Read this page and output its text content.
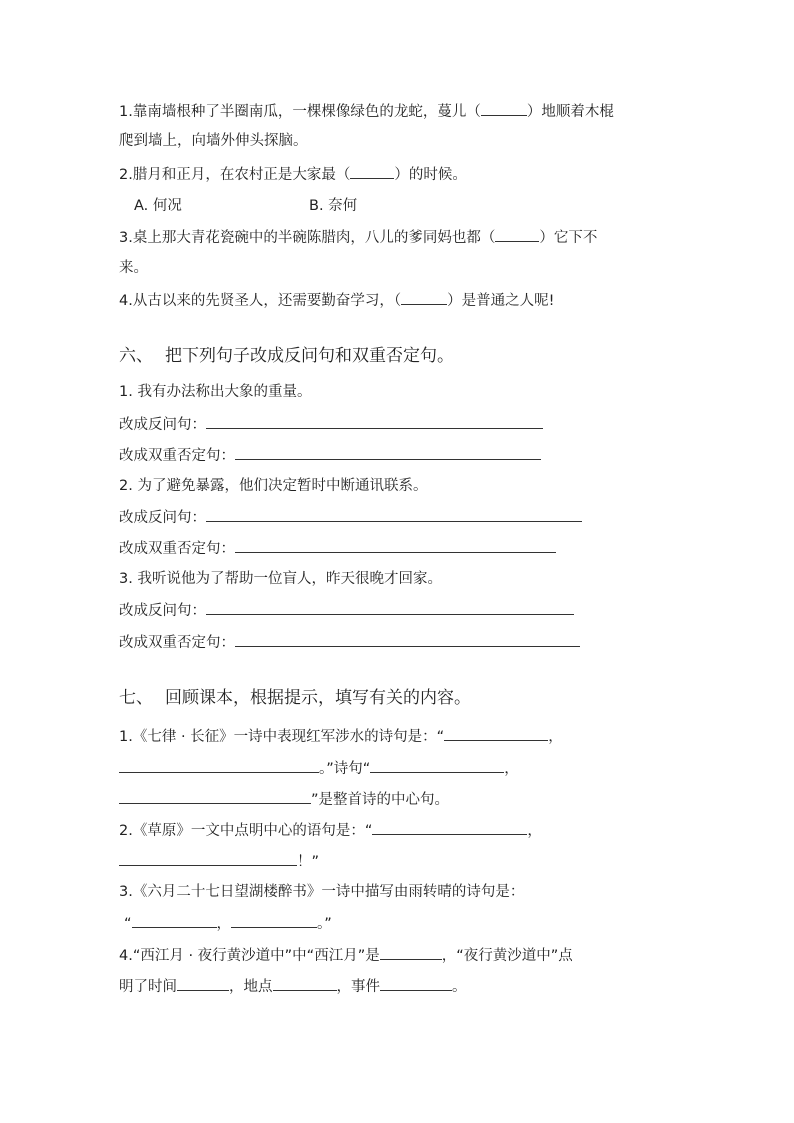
1.靠南墙根种了半圈南瓜，一棵棵像绿色的龙蛇，蔓儿（	）地顺着木棍
爬到墙上，向墙外伸头探脑。
2.腊月和正月，在农村正是大家最（	）的时候。
A. 何况	B. 奈何
3.桌上那大青花瓷碗中的半碗陈腊肉，八儿的爹同妈也都（	）它下不
来。
4.从古以来的先贤圣人，还需要勤奋学习，（	）是普通之人呢!
六、 把下列句子改成反问句和双重否定句。
1. 我有办法称出大象的重量。
改成反问句：
改成双重否定句：
2. 为了避免暴露，他们决定暂时中断通讯联系。
改成反问句：
改成双重否定句：
3. 我听说他为了帮助一位盲人，昨天很晚才回家。
改成反问句：
改成双重否定句：
七、 回顾课本，根据提示，填写有关的内容。
1.《七律 · 长征》一诗中表现红军涉水的诗句是：“	，
。”诗句“	，
”是整首诗的中心句。
2.《草原》一文中点明中心的语句是：“	，
！”
3.《六月二十七日望湖楼醉书》一诗中描写由雨转晴的诗句是：
“	，	。”
4.“西江月 · 夜行黄沙道中”中“西江月”是	，“夜行黄沙道中”点
明了时间	，地点	，事件	。
